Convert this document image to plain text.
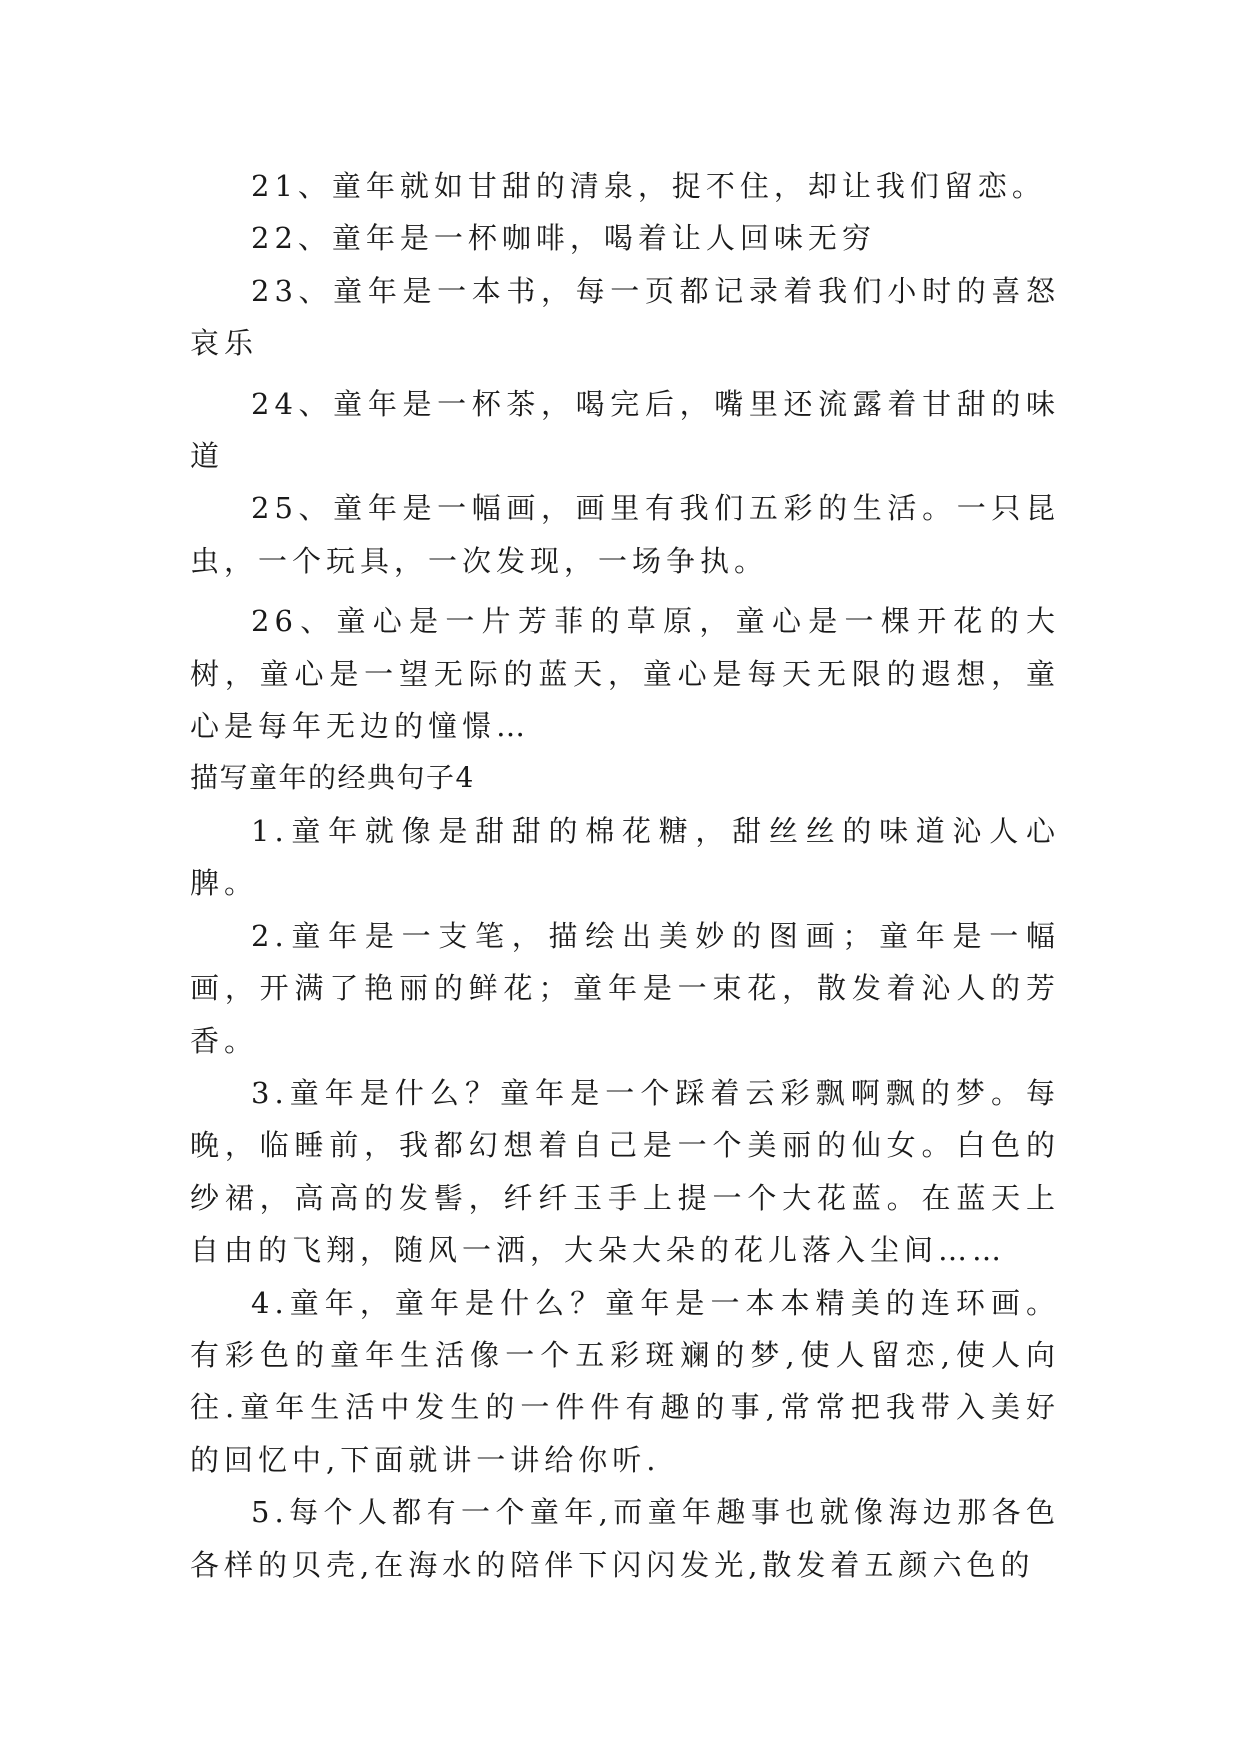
21、童年就如甘甜的清泉，捉不住，却让我们留恋。

22、童年是一杯咖啡，喝着让人回味无穷

23、童年是一本书，每一页都记录着我们小时的喜怒哀乐

24、童年是一杯茶，喝完后，嘴里还流露着甘甜的味道

25、童年是一幅画，画里有我们五彩的生活。一只昆虫，一个玩具，一次发现，一场争执。

26、童心是一片芳菲的草原，童心是一棵开花的大树，童心是一望无际的蓝天，童心是每天无限的遐想，童心是每年无边的憧憬…

描写童年的经典句子4

1.童年就像是甜甜的棉花糖，甜丝丝的味道沁人心脾。

2.童年是一支笔，描绘出美妙的图画；童年是一幅画，开满了艳丽的鲜花；童年是一束花，散发着沁人的芳香。

3.童年是什么？童年是一个踩着云彩飘啊飘的梦。每晚，临睡前，我都幻想着自己是一个美丽的仙女。白色的纱裙，高高的发髻，纤纤玉手上提一个大花蓝。在蓝天上自由的飞翔，随风一洒，大朵大朵的花儿落入尘间……

4.童年，童年是什么？童年是一本本精美的连环画。有彩色的童年生活像一个五彩斑斓的梦,使人留恋,使人向往.童年生活中发生的一件件有趣的事,常常把我带入美好的回忆中,下面就讲一讲给你听.

5.每个人都有一个童年,而童年趣事也就像海边那各色各样的贝壳,在海水的陪伴下闪闪发光,散发着五颜六色的
